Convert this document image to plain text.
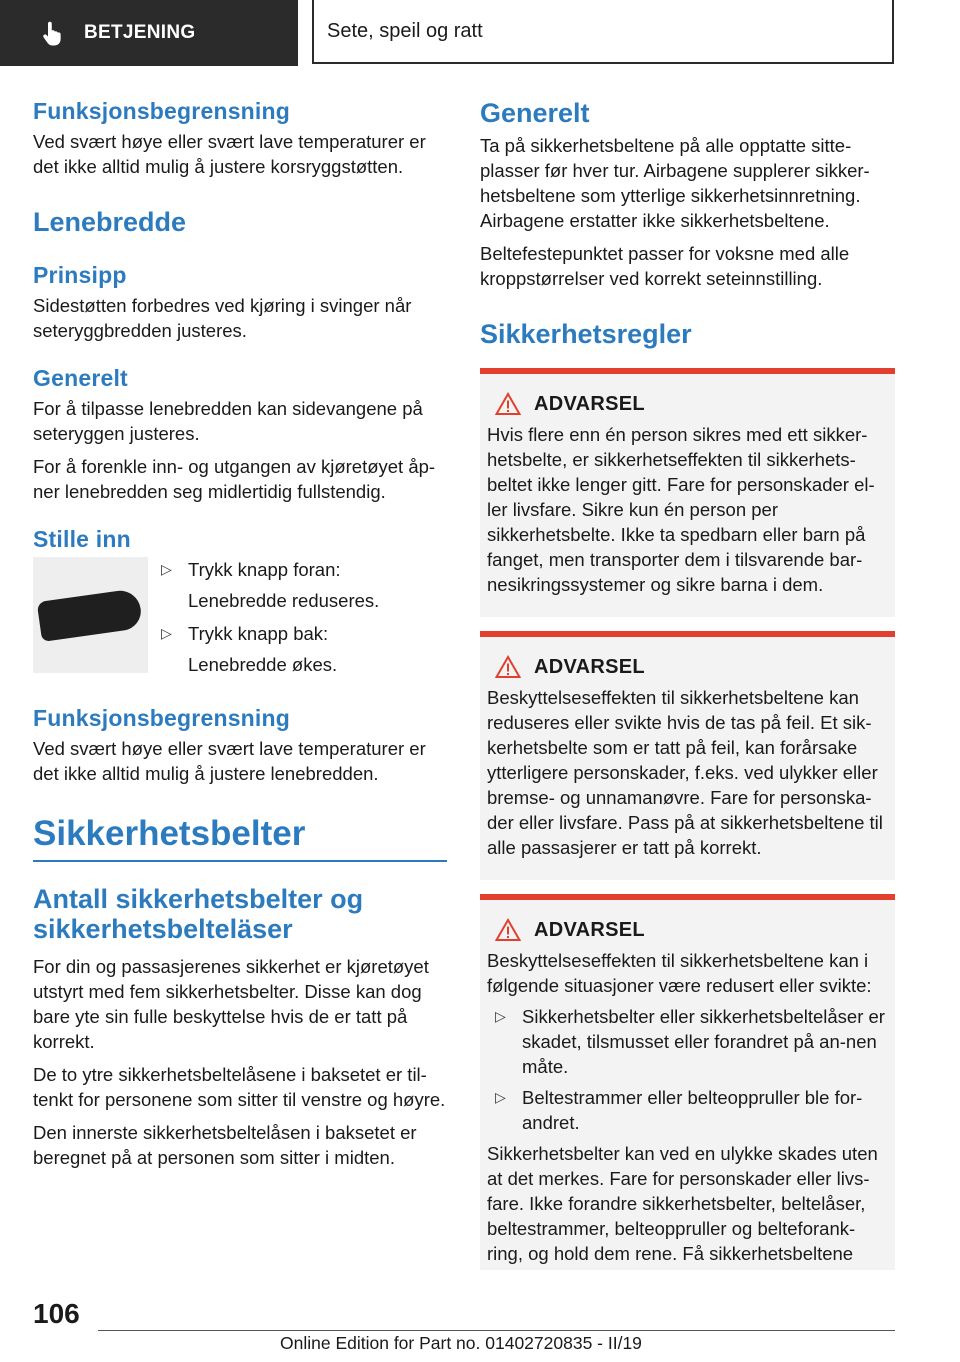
BETJENING	Sete, speil og ratt
Funksjonsbegrensning

Ved svært høye eller svært lave temperaturer er det ikke alltid mulig å justere korsryggstøtten.

Lenebredde
Prinsipp

Sidestøtten forbedres ved kjøring i svinger når seteryggbredden justeres.

Generelt

For å tilpasse lenebredden kan sidevangene på seteryggen justeres.

For å forenkle inn- og utgangen av kjøretøyet åp-ner lenebredden seg midlertidig fullstendig.

Stille inn
▷ Trykk knapp foran:
Lenebredde reduseres.
▷ Trykk knapp bak:
Lenebredde økes.
Funksjonsbegrensning

Ved svært høye eller svært lave temperaturer er det ikke alltid mulig å justere lenebredden.

Sikkerhetsbelter
Antall sikkerhetsbelter og sikkerhetsbelteläser

For din og passasjerenes sikkerhet er kjøretøyet utstyrt med fem sikkerhetsbelter. Disse kan dog bare yte sin fulle beskyttelse hvis de er tatt på korrekt.

De to ytre sikkerhetsbeltelåsene i baksetet er til-tenkt for personene som sitter til venstre og høyre.

Den innerste sikkerhetsbeltelåsen i baksetet er beregnet på at personen som sitter i midten.

Generelt

Ta på sikkerhetsbeltene på alle opptatte sitte-plasser før hver tur. Airbagene supplerer sikker-hetsbeltene som ytterlige sikkerhetsinnretning. Airbagene erstatter ikke sikkerhetsbeltene.

Beltefestepunktet passer for voksne med alle kroppstørrelser ved korrekt seteinnstilling.

Sikkerhetsregler
ADVARSEL

Hvis flere enn én person sikres med ett sikker-hetsbelte, er sikkerhetseffekten til sikkerhets-beltet ikke lenger gitt. Fare for personskader el-ler livsfare. Sikre kun én person per sikkerhetsbelte. Ikke ta spedbarn eller barn på fanget, men transporter dem i tilsvarende bar-nesikringssystemer og sikre barna i dem.

ADVARSEL

Beskyttelseseffekten til sikkerhetsbeltene kan reduseres eller svikte hvis de tas på feil. Et sik-kerhetsbelte som er tatt på feil, kan forårsake ytterligere personskader, f.eks. ved ulykker eller bremse- og unnamanøvre. Fare for personska-der eller livsfare. Pass på at sikkerhetsbeltene til alle passasjerer er tatt på korrekt.

ADVARSEL

Beskyttelseseffekten til sikkerhetsbeltene kan i følgende situasjoner være redusert eller svikte:

▷ Sikkerhetsbelter eller sikkerhetsbeltelåser er skadet, tilsmusset eller forandret på an-nen måte.
▷ Beltestrammer eller belteoppruller ble for-andret.

Sikkerhetsbelter kan ved en ulykke skades uten at det merkes. Fare for personskader eller livs-fare. Ikke forandre sikkerhetsbelter, beltelåser, beltestrammer, belteoppruller og belteforank-ring, og hold dem rene. Få sikkerhetsbeltene

106
Online Edition for Part no. 01402720835 - II/19
